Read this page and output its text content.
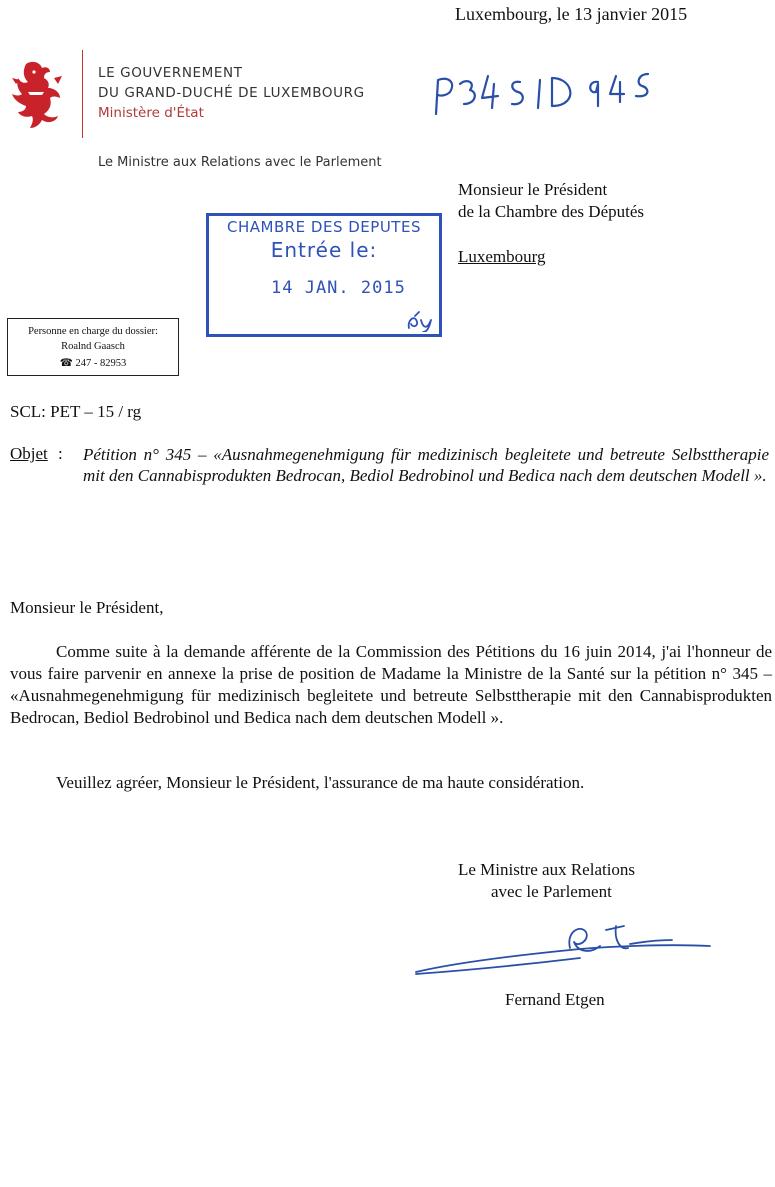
Luxembourg, le 13 janvier 2015
LE GOUVERNEMENT
DU GRAND-DUCHÉ DE LUXEMBOURG
Ministère d'État
Le Ministre aux Relations avec le Parlement
Monsieur le Président
de la Chambre des Députés
Luxembourg
CHAMBRE DES DEPUTES
Entrée le:
14 JAN. 2015
Personne en charge du dossier:
Roalnd Gaasch
☎ 247 - 82953
SCL: PET – 15 / rg
Objet : Pétition n° 345 – «Ausnahmegenehmigung für medizinisch begleitete und betreute Selbsttherapie mit den Cannabisprodukten Bedrocan, Bediol Bedrobinol und Bedica nach dem deutschen Modell ».
Monsieur le Président,
Comme suite à la demande afférente de la Commission des Pétitions du 16 juin 2014, j'ai l'honneur de vous faire parvenir en annexe la prise de position de Madame la Ministre de la Santé sur la pétition n° 345 – «Ausnahmegenehmigung für medizinisch begleitete und betreute Selbsttherapie mit den Cannabisprodukten Bedrocan, Bediol Bedrobinol und Bedica nach dem deutschen Modell ».
Veuillez agréer, Monsieur le Président, l'assurance de ma haute considération.
Le Ministre aux Relations
avec le Parlement
Fernand Etgen
